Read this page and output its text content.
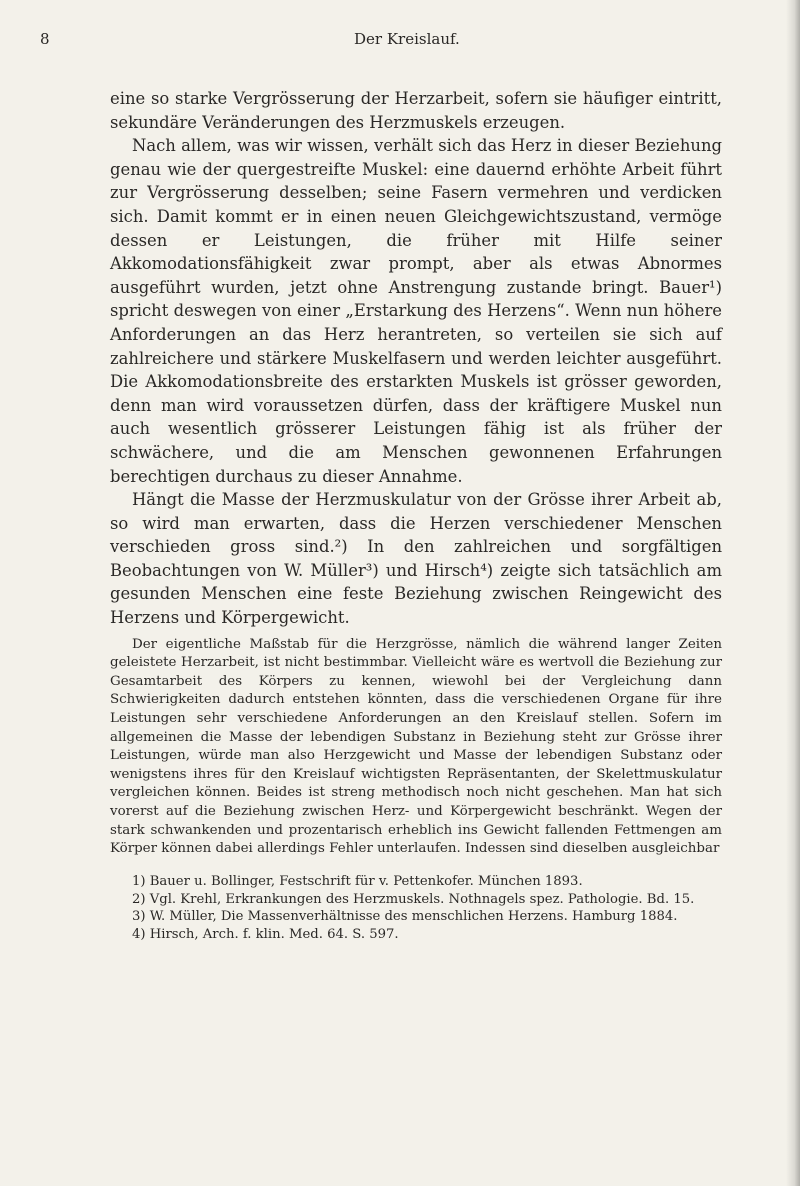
8	Der Kreislauf.

eine so starke Vergrösserung der Herzarbeit, sofern sie häufiger eintritt, sekundäre Veränderungen des Herzmuskels erzeugen.

Nach allem, was wir wissen, verhält sich das Herz in dieser Beziehung genau wie der quergestreifte Muskel: eine dauernd erhöhte Arbeit führt zur Vergrösserung desselben; seine Fasern vermehren und verdicken sich. Damit kommt er in einen neuen Gleichgewichtszustand, vermöge dessen er Leistungen, die früher mit Hilfe seiner Akkomodationsfähigkeit zwar prompt, aber als etwas Abnormes ausgeführt wurden, jetzt ohne Anstrengung zustande bringt. Bauer¹) spricht deswegen von einer „Erstarkung des Herzens“. Wenn nun höhere Anforderungen an das Herz herantreten, so verteilen sie sich auf zahlreichere und stärkere Muskelfasern und werden leichter ausgeführt. Die Akkomodationsbreite des erstarkten Muskels ist grösser geworden, denn man wird voraussetzen dürfen, dass der kräftigere Muskel nun auch wesentlich grösserer Leistungen fähig ist als früher der schwächere, und die am Menschen gewonnenen Erfahrungen berechtigen durchaus zu dieser Annahme.

Hängt die Masse der Herzmuskulatur von der Grösse ihrer Arbeit ab, so wird man erwarten, dass die Herzen verschiedener Menschen verschieden gross sind.²) In den zahlreichen und sorgfältigen Beobachtungen von W. Müller³) und Hirsch⁴) zeigte sich tatsächlich am gesunden Menschen eine feste Beziehung zwischen Reingewicht des Herzens und Körpergewicht.

Der eigentliche Maßstab für die Herzgrösse, nämlich die während langer Zeiten geleistete Herzarbeit, ist nicht bestimmbar. Vielleicht wäre es wertvoll die Beziehung zur Gesamtarbeit des Körpers zu kennen, wiewohl bei der Vergleichung dann Schwierigkeiten dadurch entstehen könnten, dass die verschiedenen Organe für ihre Leistungen sehr verschiedene Anforderungen an den Kreislauf stellen. Sofern im allgemeinen die Masse der lebendigen Substanz in Beziehung steht zur Grösse ihrer Leistungen, würde man also Herzgewicht und Masse der lebendigen Substanz oder wenigstens ihres für den Kreislauf wichtigsten Repräsentanten, der Skelettmuskulatur vergleichen können. Beides ist streng methodisch noch nicht geschehen. Man hat sich vorerst auf die Beziehung zwischen Herz- und Körpergewicht beschränkt. Wegen der stark schwankenden und prozentarisch erheblich ins Gewicht fallenden Fettmengen am Körper können dabei allerdings Fehler unterlaufen. Indessen sind dieselben ausgleichbar

1) Bauer u. Bollinger, Festschrift für v. Pettenkofer. München 1893.

2) Vgl. Krehl, Erkrankungen des Herzmuskels. Nothnagels spez. Pathologie. Bd. 15.

3) W. Müller, Die Massenverhältnisse des menschlichen Herzens. Hamburg 1884.

4) Hirsch, Arch. f. klin. Med. 64. S. 597.
